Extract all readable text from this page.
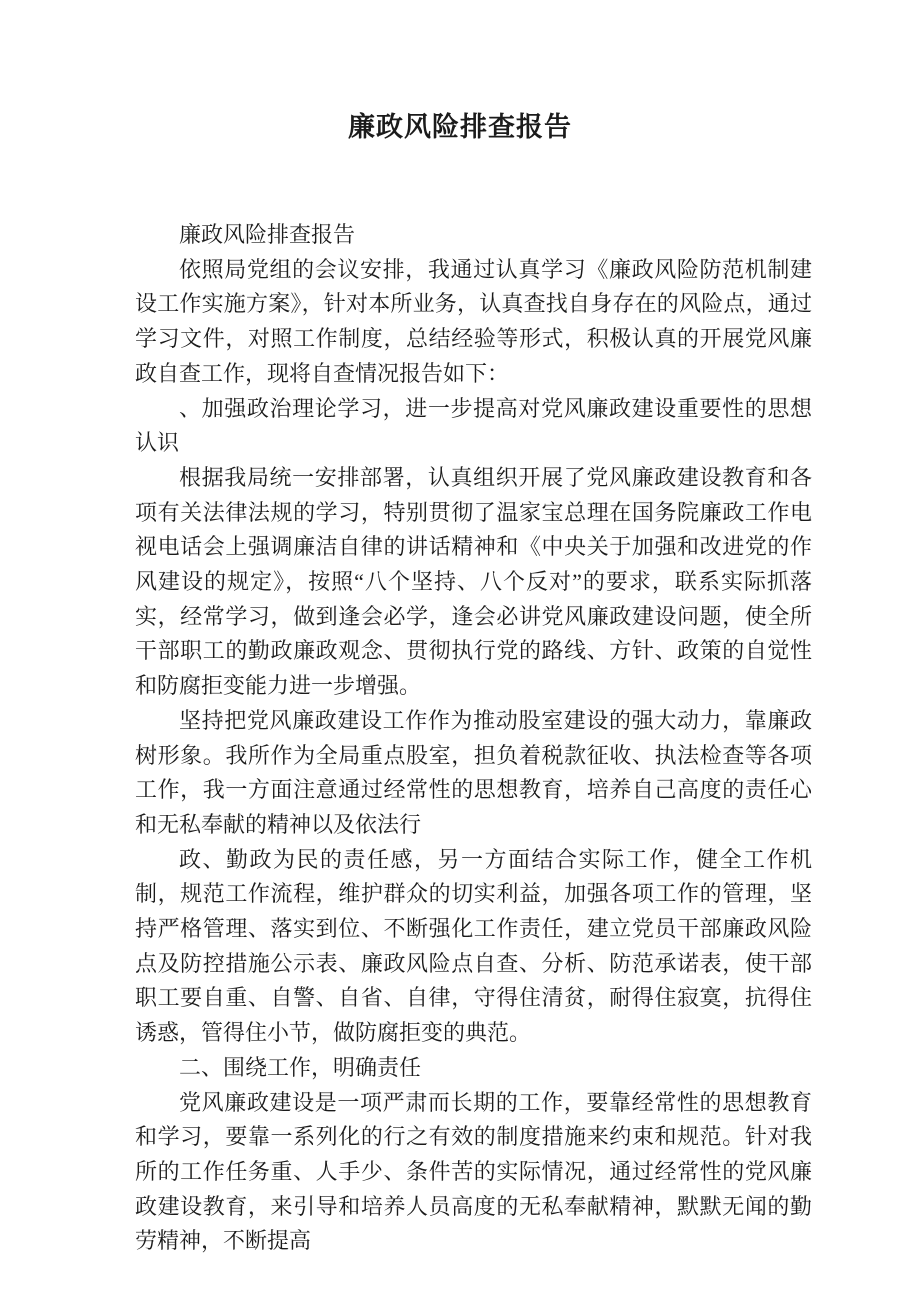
廉政风险排查报告

廉政风险排查报告

依照局党组的会议安排，我通过认真学习《廉政风险防范机制建设工作实施方案》，针对本所业务，认真查找自身存在的风险点，通过学习文件，对照工作制度，总结经验等形式，积极认真的开展党风廉政自查工作，现将自查情况报告如下：

、加强政治理论学习，进一步提高对党风廉政建设重要性的思想认识

根据我局统一安排部署，认真组织开展了党风廉政建设教育和各项有关法律法规的学习，特别贯彻了温家宝总理在国务院廉政工作电视电话会上强调廉洁自律的讲话精神和《中央关于加强和改进党的作风建设的规定》，按照“八个坚持、八个反对”的要求，联系实际抓落实，经常学习，做到逢会必学，逢会必讲党风廉政建设问题，使全所干部职工的勤政廉政观念、贯彻执行党的路线、方针、政策的自觉性和防腐拒变能力进一步增强。

坚持把党风廉政建设工作作为推动股室建设的强大动力，靠廉政树形象。我所作为全局重点股室，担负着税款征收、执法检查等各项工作，我一方面注意通过经常性的思想教育，培养自己高度的责任心和无私奉献的精神以及依法行

政、勤政为民的责任感，另一方面结合实际工作，健全工作机制，规范工作流程，维护群众的切实利益，加强各项工作的管理，坚持严格管理、落实到位、不断强化工作责任，建立党员干部廉政风险点及防控措施公示表、廉政风险点自查、分析、防范承诺表，使干部职工要自重、自警、自省、自律，守得住清贫，耐得住寂寞，抗得住诱惑，管得住小节，做防腐拒变的典范。

二、围绕工作，明确责任

党风廉政建设是一项严肃而长期的工作，要靠经常性的思想教育和学习，要靠一系列化的行之有效的制度措施来约束和规范。针对我所的工作任务重、人手少、条件苦的实际情况，通过经常性的党风廉政建设教育，来引导和培养人员高度的无私奉献精神，默默无闻的勤劳精神，不断提高
